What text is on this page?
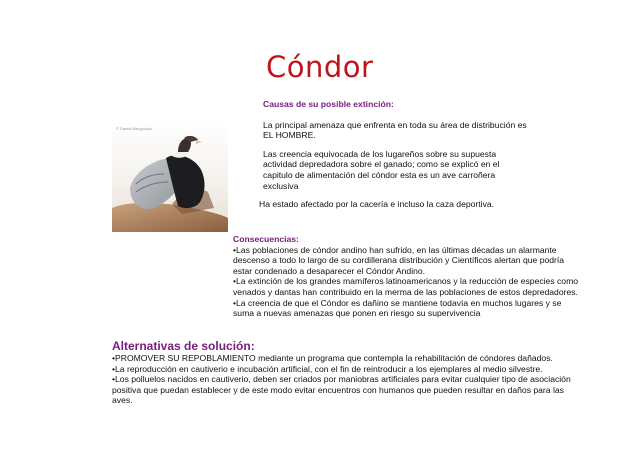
Cóndor
© Daniel Bacigalupo
Causas de su posible extinción:

La principal amenaza que enfrenta en toda su área de distribución es EL HOMBRE.

Las creencia equivocada de los lugareños sobre su supuesta actividad depredadora sobre el ganado; como se explicó en el capitulo de alimentación del cóndor esta es un ave carroñera exclusiva

Ha estado afectado por la cacería e incluso la caza deportiva.

Consecuencias:

•Las poblaciones de cóndor andino han sufrido, en las últimas décadas un alarmante descenso a todo lo largo de su cordillerana distribución y Científicos alertan que podría estar condenado a desaparecer el Cóndor Andino.

•La extinción de los grandes mamíferos latinoamericanos y la reducción de especies como venados y dantas han contribuido en la merma de las poblaciones de estos depredadores.

•La creencia de que el Cóndor es dañino se mantiene todavía en muchos lugares y se suma a nuevas amenazas que ponen en riesgo su supervivencia

Alternativas de solución:

•PROMOVER SU REPOBLAMIENTO mediante un programa que contempla la rehabilitación de cóndores dañados.

•La reproducción en cautiverio e incubación artificial, con el fin de reintroducir a los ejemplares al medio silvestre.

•Los polluelos nacidos en cautiverio, deben ser criados por maniobras artificiales para evitar cualquier tipo de asociación positiva que puedan establecer y de este modo evitar encuentros con humanos que pueden resultar en daños para las aves.
